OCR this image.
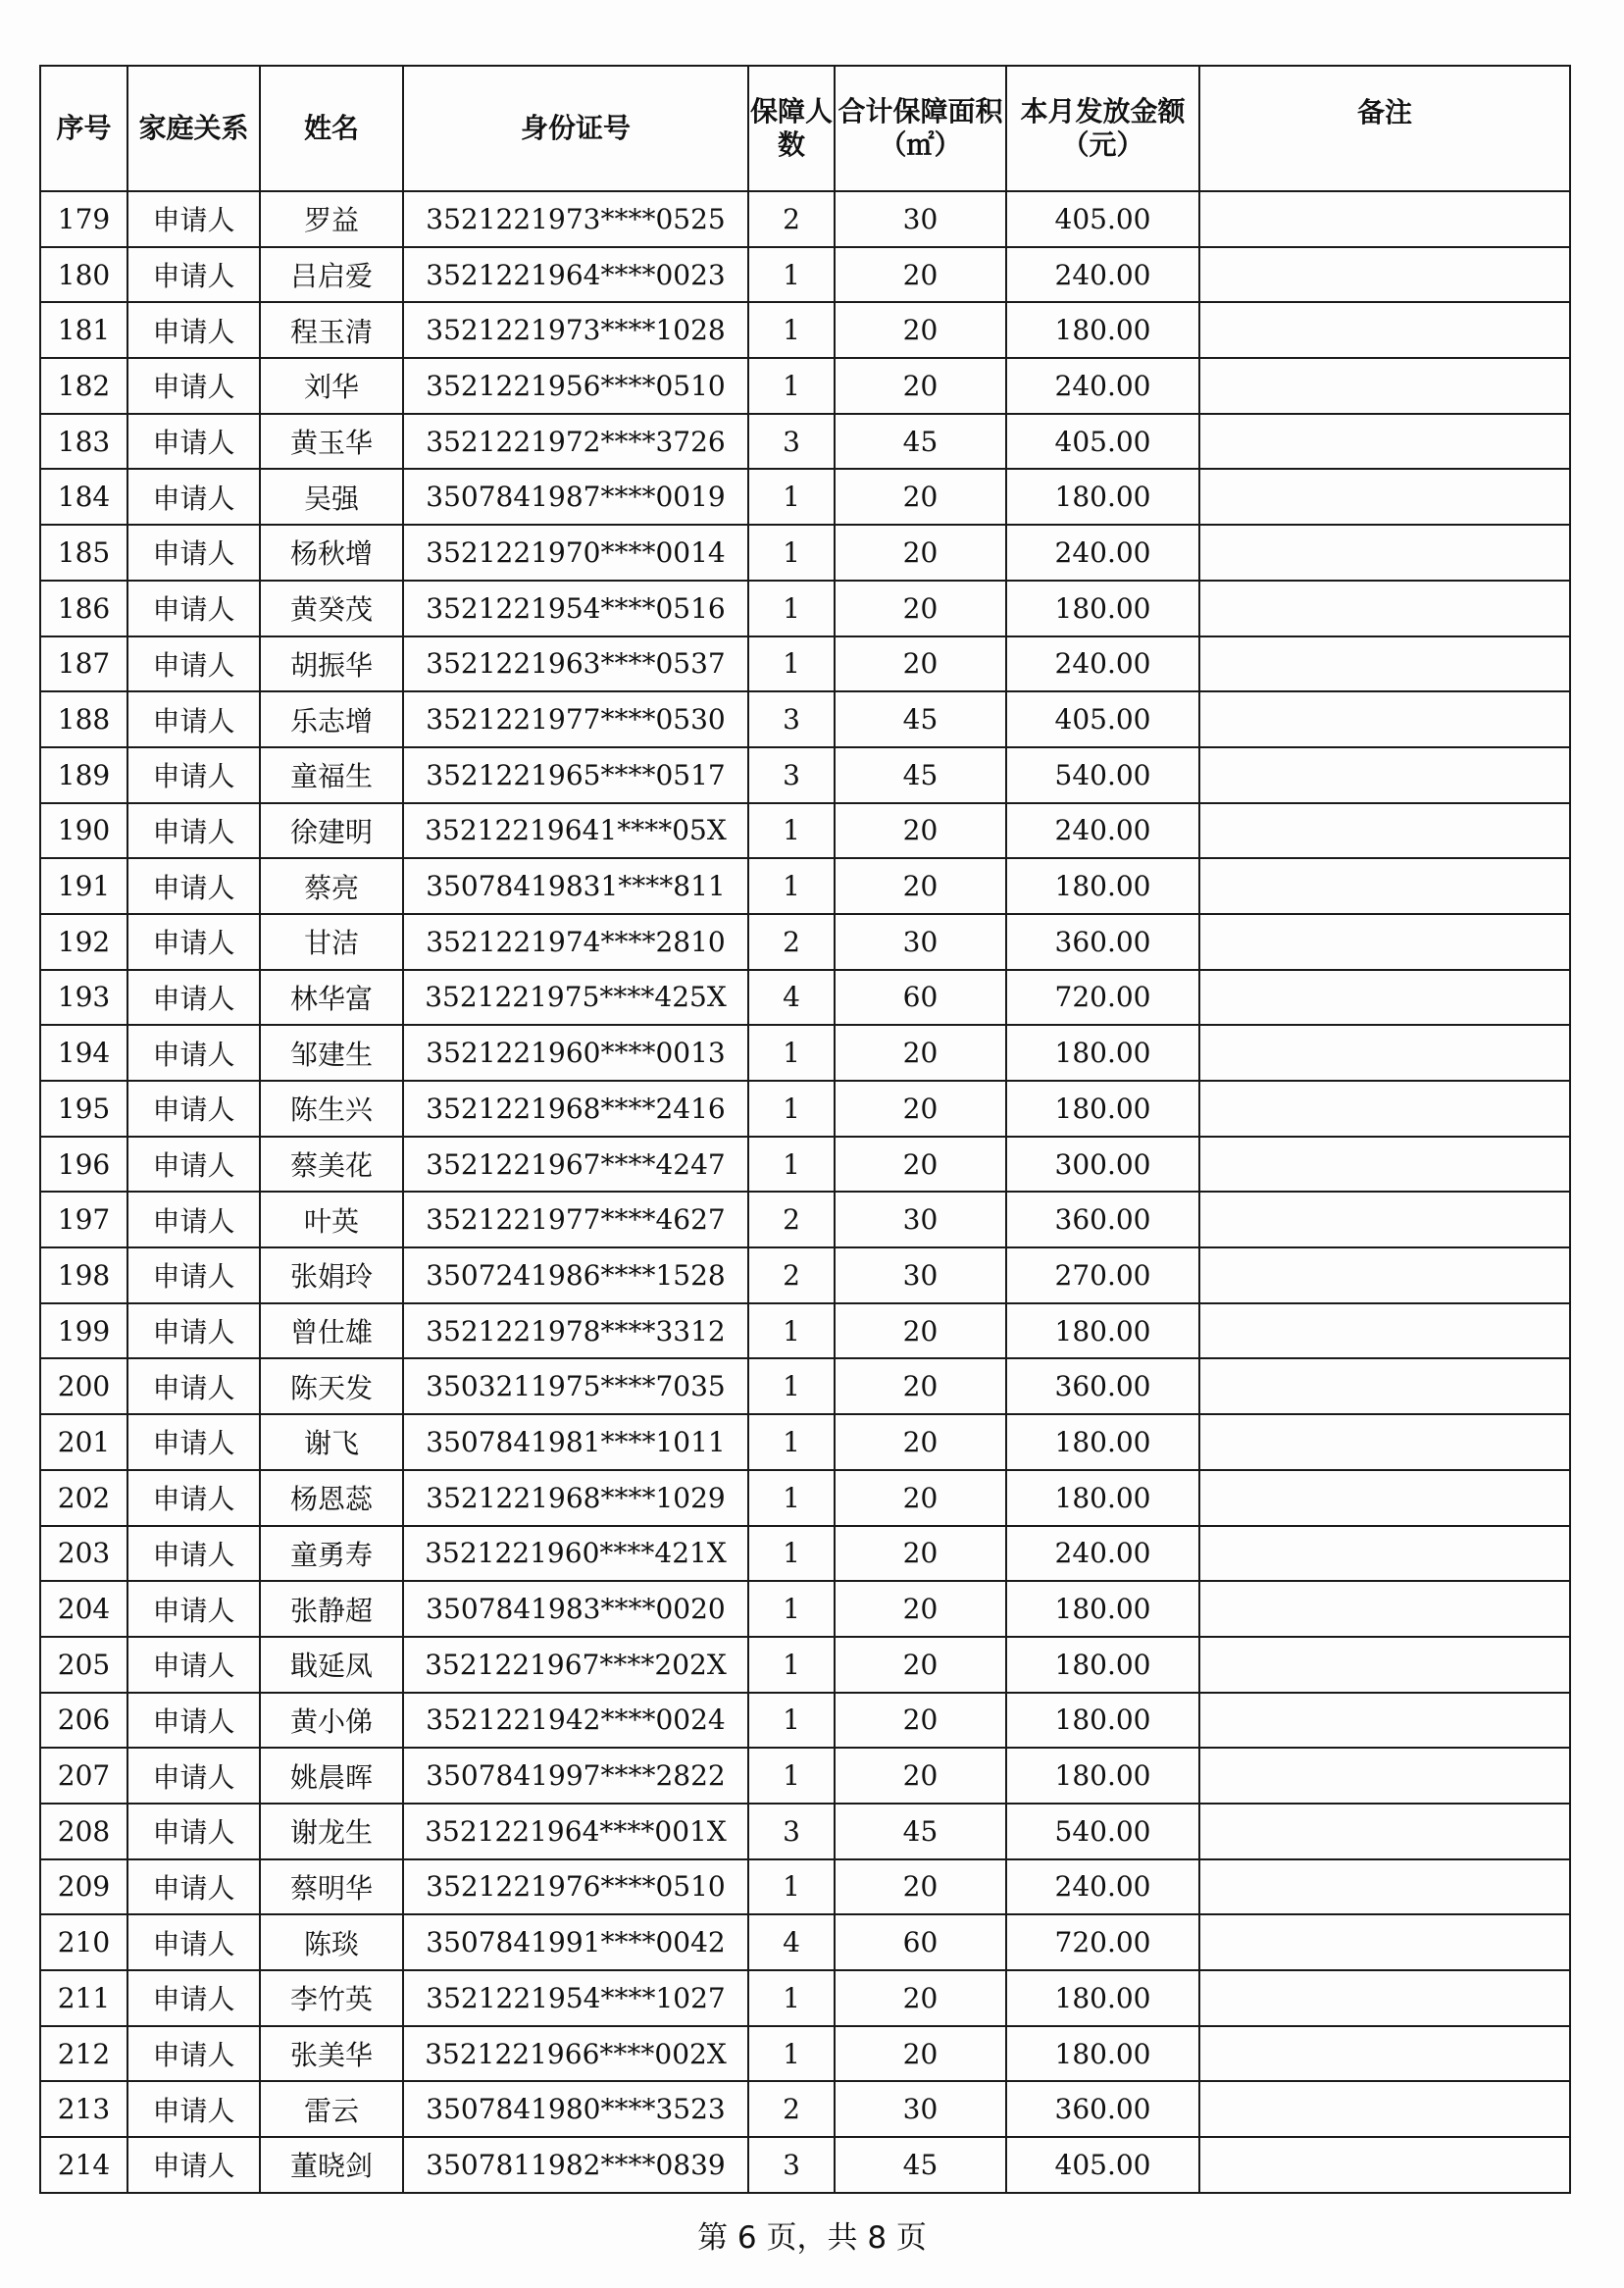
序号	家庭关系	姓名	身份证号	保障人数	合计保障面积（㎡）	本月发放金额（元）	备注
179	申请人	罗益	3521221973****0525	2	30	405.00	
180	申请人	吕启爱	3521221964****0023	1	20	240.00	
181	申请人	程玉清	3521221973****1028	1	20	180.00	
182	申请人	刘华	3521221956****0510	1	20	240.00	
183	申请人	黄玉华	3521221972****3726	3	45	405.00	
184	申请人	吴强	3507841987****0019	1	20	180.00	
185	申请人	杨秋增	3521221970****0014	1	20	240.00	
186	申请人	黄癸茂	3521221954****0516	1	20	180.00	
187	申请人	胡振华	3521221963****0537	1	20	240.00	
188	申请人	乐志增	3521221977****0530	3	45	405.00	
189	申请人	童福生	3521221965****0517	3	45	540.00	
190	申请人	徐建明	35212219641****05X	1	20	240.00	
191	申请人	蔡亮	35078419831****811	1	20	180.00	
192	申请人	甘洁	3521221974****2810	2	30	360.00	
193	申请人	林华富	3521221975****425X	4	60	720.00	
194	申请人	邹建生	3521221960****0013	1	20	180.00	
195	申请人	陈生兴	3521221968****2416	1	20	180.00	
196	申请人	蔡美花	3521221967****4247	1	20	300.00	
197	申请人	叶英	3521221977****4627	2	30	360.00	
198	申请人	张娟玲	3507241986****1528	2	30	270.00	
199	申请人	曾仕雄	3521221978****3312	1	20	180.00	
200	申请人	陈天发	3503211975****7035	1	20	360.00	
201	申请人	谢飞	3507841981****1011	1	20	180.00	
202	申请人	杨恩蕊	3521221968****1029	1	20	180.00	
203	申请人	童勇寿	3521221960****421X	1	20	240.00	
204	申请人	张静超	3507841983****0020	1	20	180.00	
205	申请人	戢延凤	3521221967****202X	1	20	180.00	
206	申请人	黄小俤	3521221942****0024	1	20	180.00	
207	申请人	姚晨晖	3507841997****2822	1	20	180.00	
208	申请人	谢龙生	3521221964****001X	3	45	540.00	
209	申请人	蔡明华	3521221976****0510	1	20	240.00	
210	申请人	陈琰	3507841991****0042	4	60	720.00	
211	申请人	李竹英	3521221954****1027	1	20	180.00	
212	申请人	张美华	3521221966****002X	1	20	180.00	
213	申请人	雷云	3507841980****3523	2	30	360.00	
214	申请人	董晓剑	3507811982****0839	3	45	405.00	
第 6 页，共 8 页
